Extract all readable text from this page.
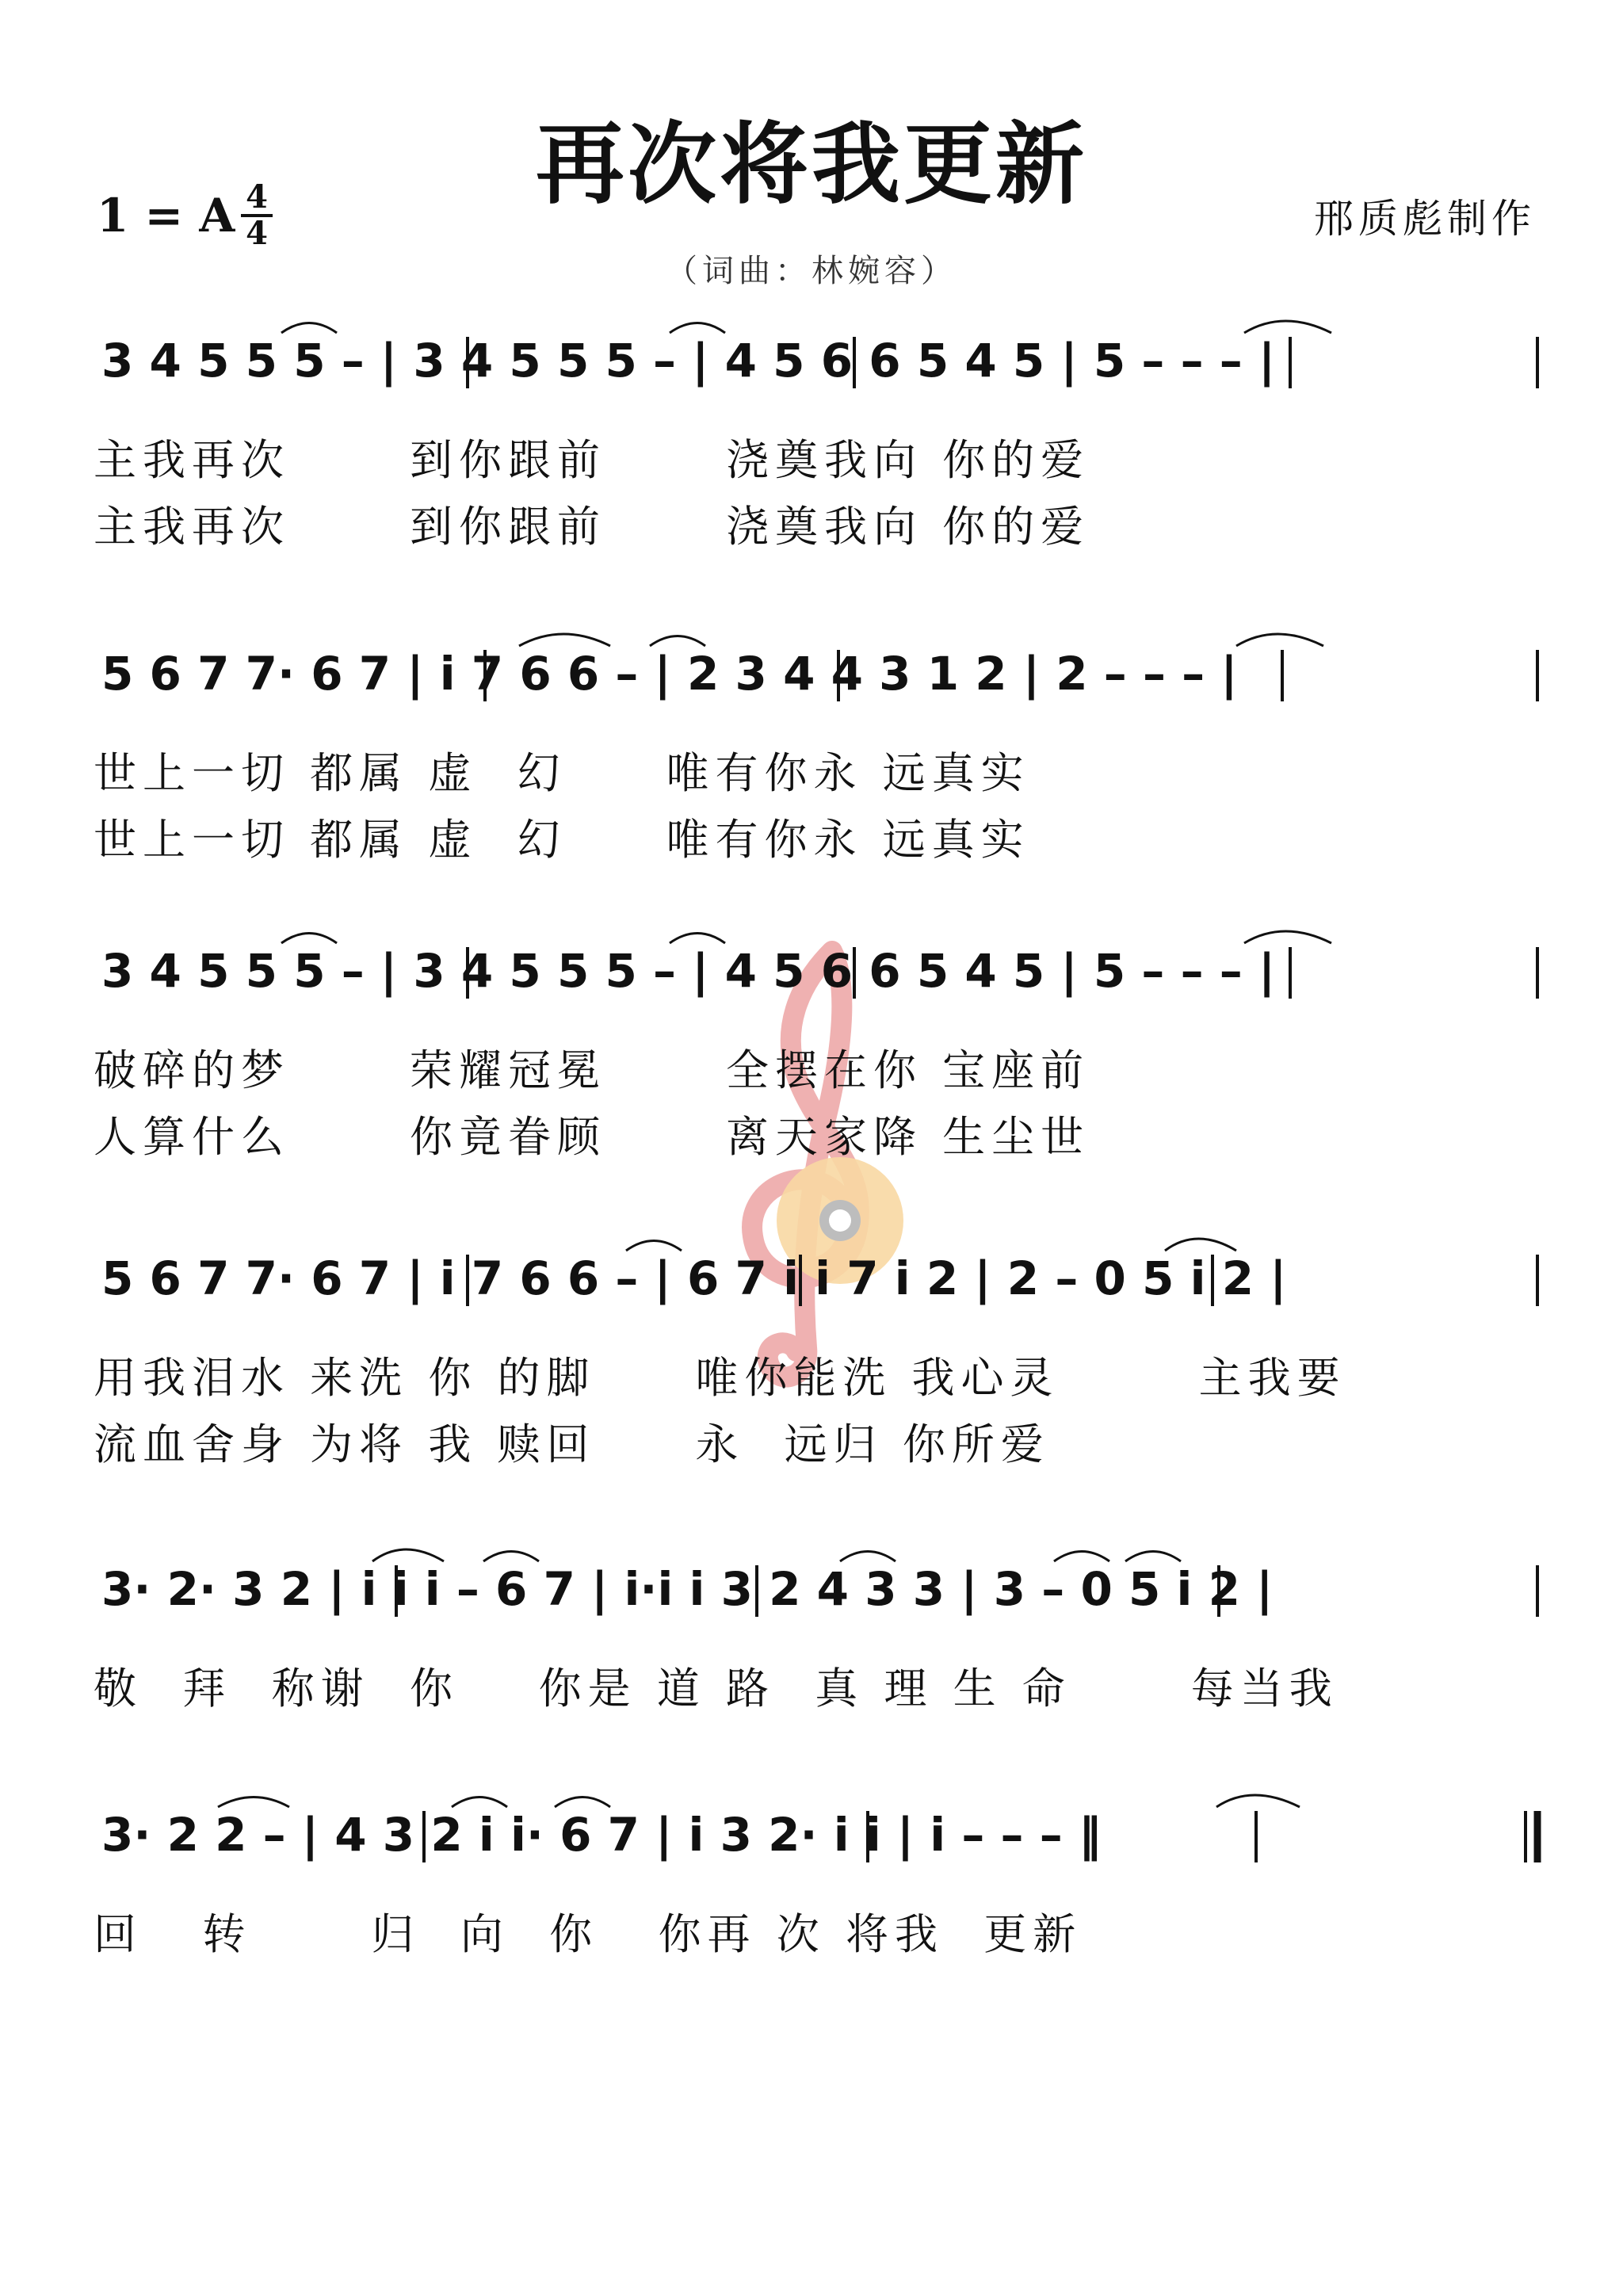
再次将我更新
1 = A 4
4	邢质彪制作
（词曲：林婉容）
3 4 5 5 5 – | 3 4 5 5 5 – | 4 5 6 6 5 4 5 | 5 – – – |
主我再次      到你跟前      浇奠我向 你的爱
主我再次      到你跟前      浇奠我向 你的爱
5 6 7 7· 6 7 | i 7 6 6 – | 2 3 4 4 3 1 2 | 2 – – – |
世上一切 都属 虚  幻     唯有你永 远真实
世上一切 都属 虚  幻     唯有你永 远真实
3 4 5 5 5 – | 3 4 5 5 5 – | 4 5 6 6 5 4 5 | 5 – – – |
破碎的梦      荣耀冠冕      全摆在你 宝座前
人算什么      你竟眷顾      离天家降 生尘世
5 6 7 7· 6 7 | i 7 6 6 – | 6 7 i i 7 i 2 | 2 – 0 5 i 2 |
用我泪水 来洗 你 的脚     唯你能洗 我心灵       主我要
流血舍身 为将 我 赎回     永  远归 你所爱
3· 2· 3 2 | i i i – 6 7 | i·i i 3 2 4 3 3 | 3 – 0 5 i 2 |
敬  拜  称谢  你    你是 道 路  真 理 生 命      每当我
3· 2 2 – | 4 3 2 i i· 6 7 | i 3 2· i i | i – – – ‖
回   转      归  向  你   你再 次 将我  更新
